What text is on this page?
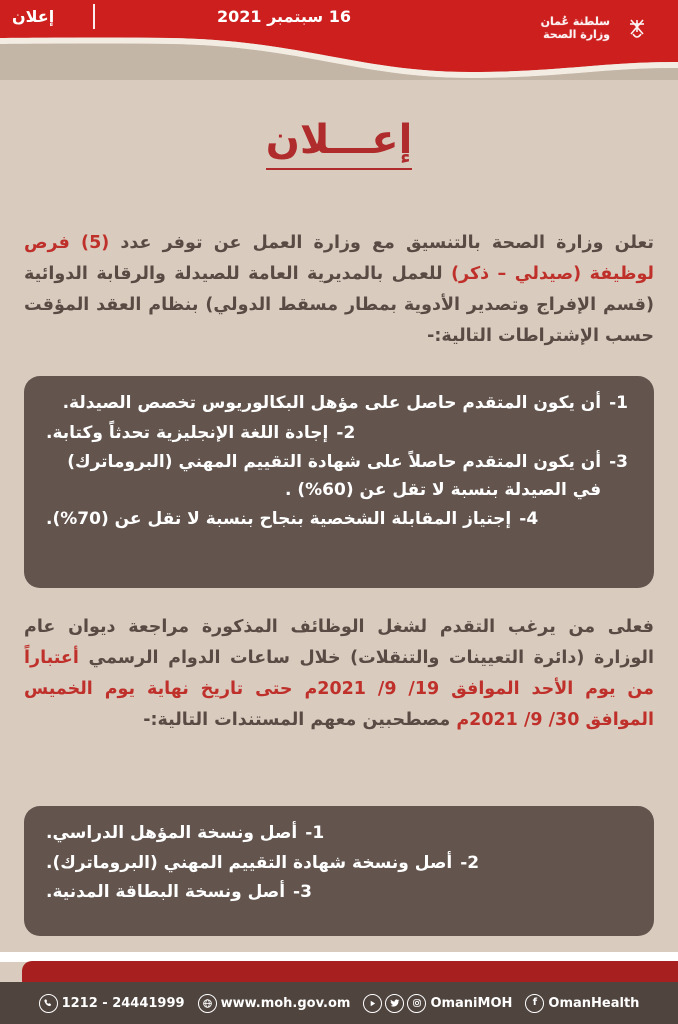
إعلان	16 سبتمبر 2021	سلطنة عُمان
وزارة الصحة
إعـــلان
تعلن وزارة الصحة بالتنسيق مع وزارة العمل عن توفر عدد (5) فرص لوظيفة (صيدلي – ذكر) للعمل بالمديرية العامة للصيدلة والرقابة الدوائية (قسم الإفراج وتصدير الأدوية بمطار مسقط الدولي) بنظام العقد المؤقت حسب الإشتراطات التالية:-
1-
أن يكون المتقدم حاصل على مؤهل البكالوريوس تخصص الصيدلة.
2-
إجادة اللغة الإنجليزية تحدثاً وكتابة.
3-
أن يكون المتقدم حاصلاً على شهادة التقييم المهني (البروماترك) في الصيدلة بنسبة لا تقل عن (60%) .
4-
إجتياز المقابلة الشخصية بنجاح بنسبة لا تقل عن (70%).
فعلى من يرغب التقدم لشغل الوظائف المذكورة مراجعة ديوان عام الوزارة (دائرة التعيينات والتنقلات) خلال ساعات الدوام الرسمي أعتباراً من يوم الأحد الموافق 19/ 9/ 2021م حتى تاريخ نهاية يوم الخميس الموافق 30/ 9/ 2021م مصطحبين معهم المستندات التالية:-
1-
أصل ونسخة المؤهل الدراسي.
2-
أصل ونسخة شهادة التقييم المهني (البروماترك).
3-
أصل ونسخة البطاقة المدنية.
f OmanHealth
OmaniMOH
www.moh.gov.om
1212 - 24441999
